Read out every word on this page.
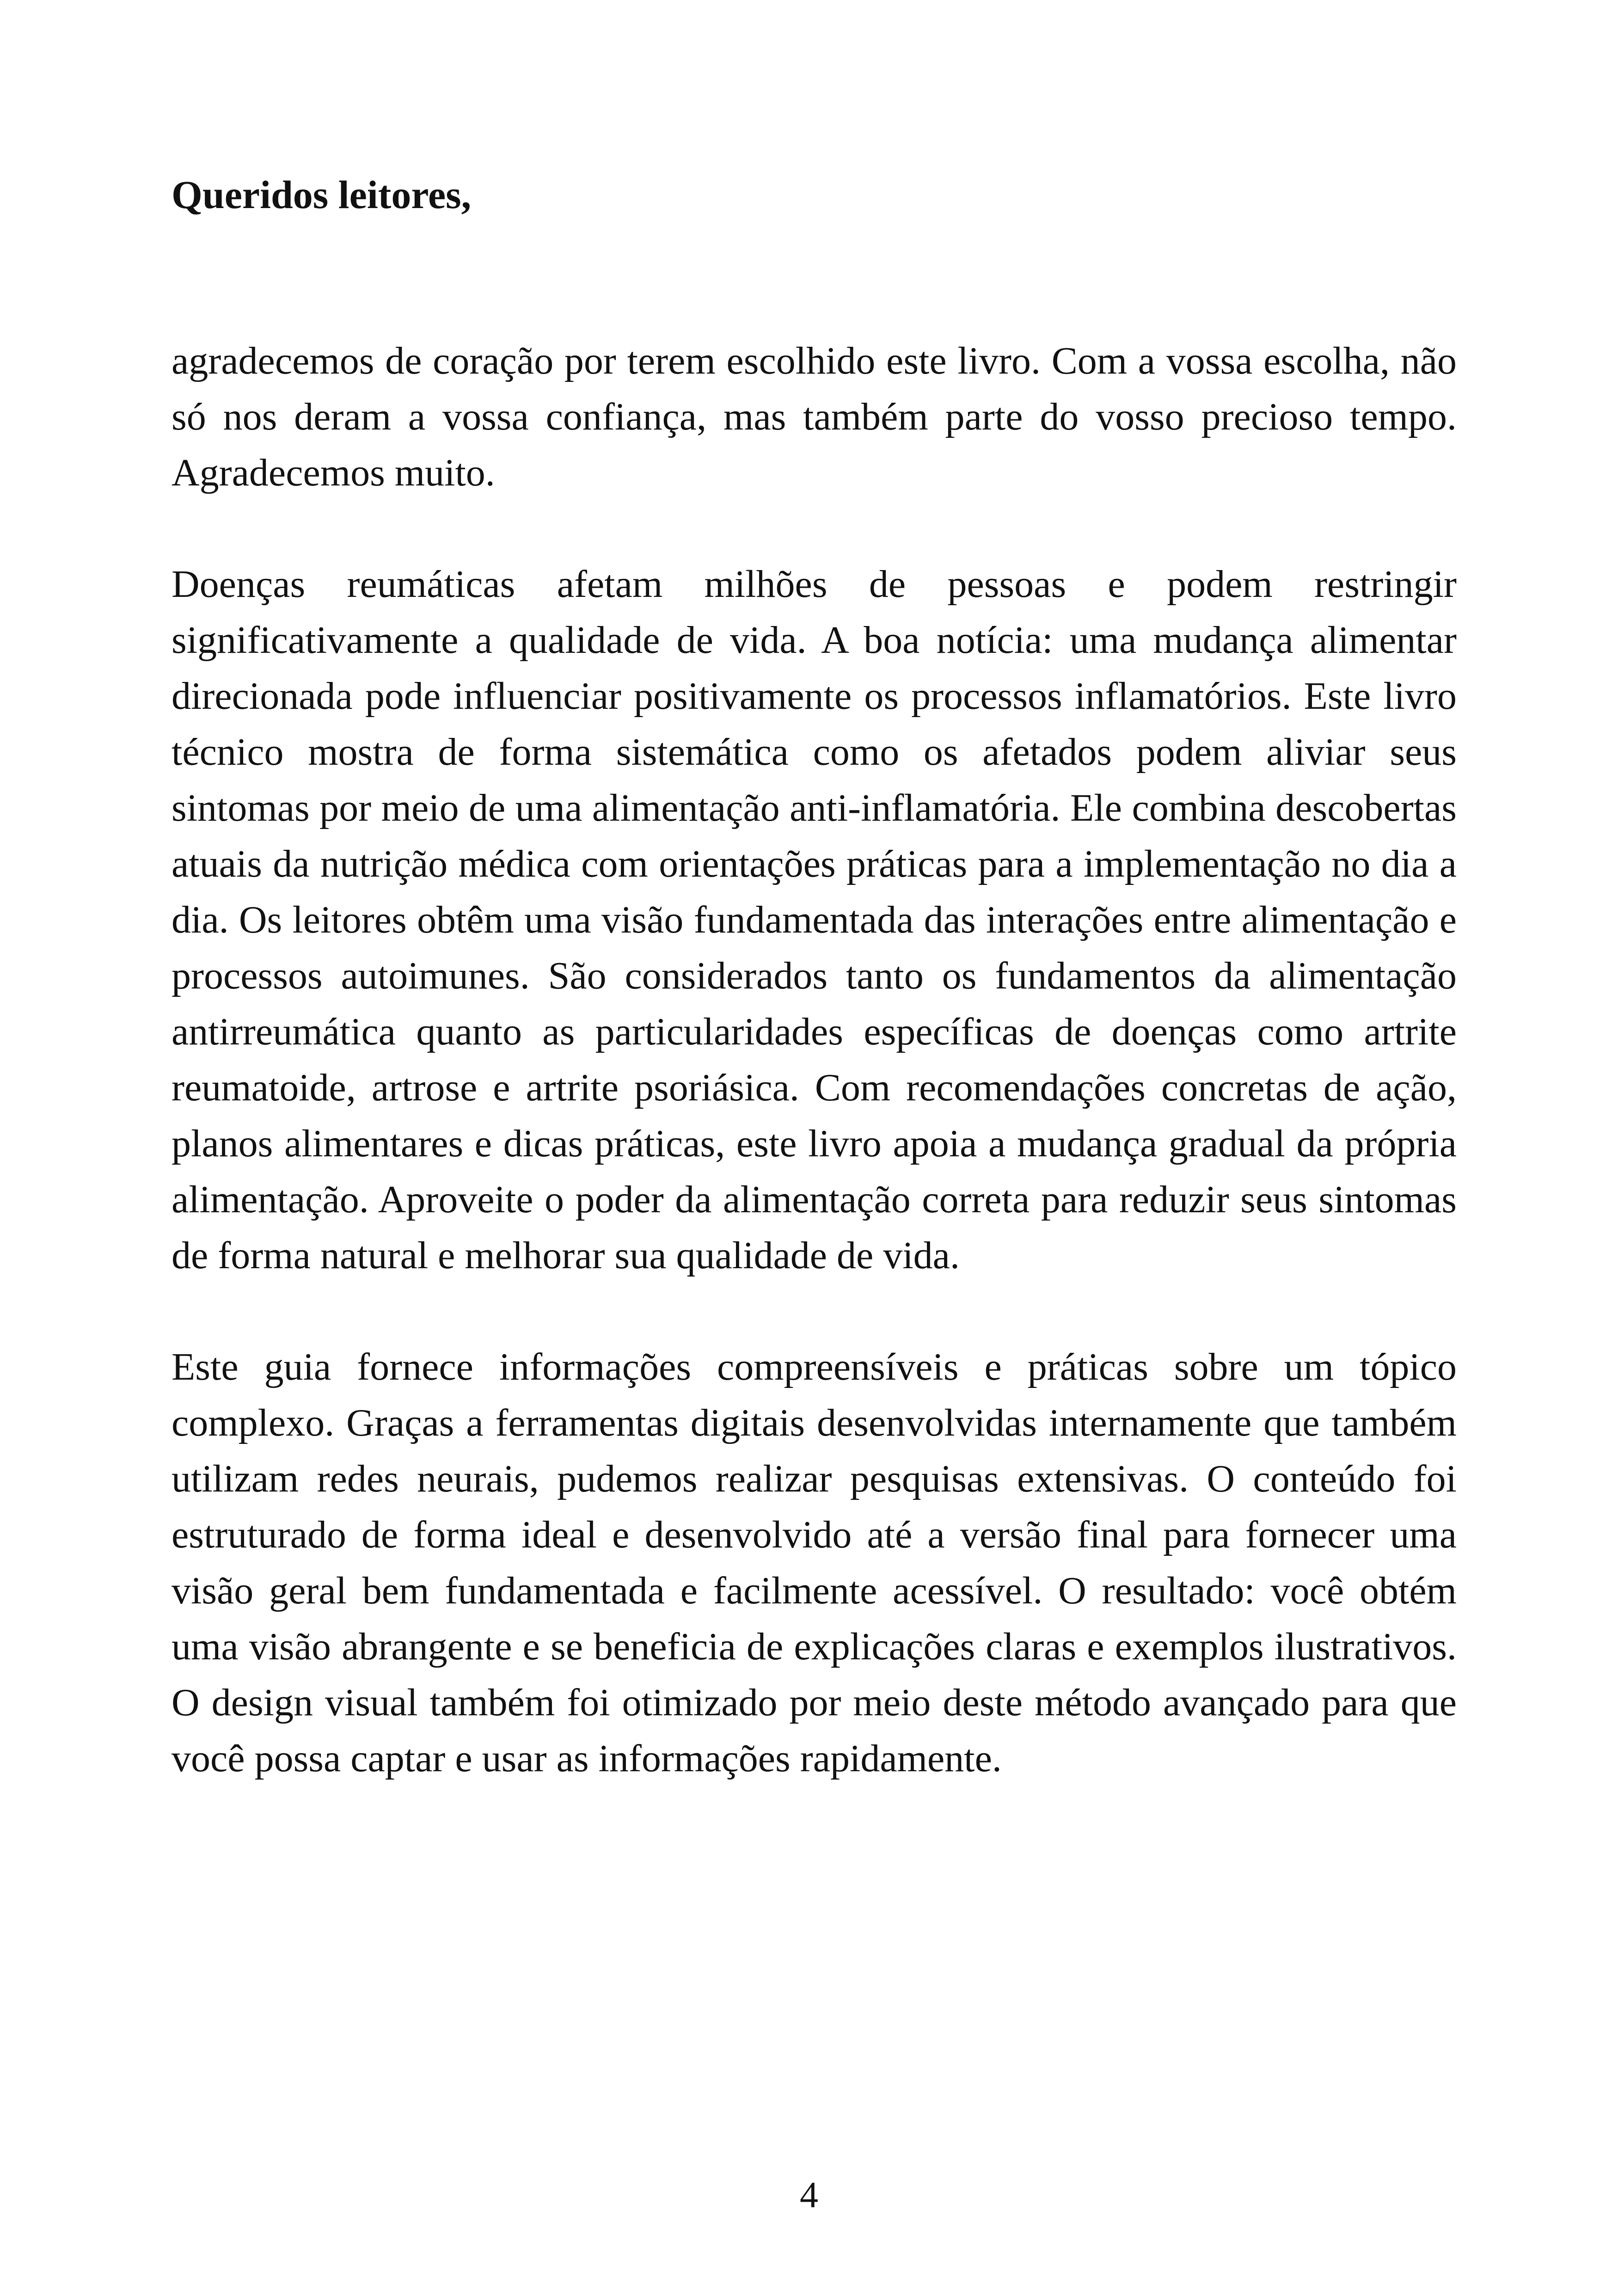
Queridos leitores,

agradecemos de coração por terem escolhido este livro. Com a vossa escolha, não só nos deram a vossa confiança, mas também parte do vosso precioso tempo. Agradecemos muito.

Doenças reumáticas afetam milhões de pessoas e podem restringir significativamente a qualidade de vida. A boa notícia: uma mudança alimentar direcionada pode influenciar positivamente os processos inflamatórios. Este livro técnico mostra de forma sistemática como os afetados podem aliviar seus sintomas por meio de uma alimentação anti-inflamatória. Ele combina descobertas atuais da nutrição médica com orientações práticas para a implementação no dia a dia. Os leitores obtêm uma visão fundamentada das interações entre alimentação e processos autoimunes. São considerados tanto os fundamentos da alimentação antirreumática quanto as particularidades específicas de doenças como artrite reumatoide, artrose e artrite psoriásica. Com recomendações concretas de ação, planos alimentares e dicas práticas, este livro apoia a mudança gradual da própria alimentação. Aproveite o poder da alimentação correta para reduzir seus sintomas de forma natural e melhorar sua qualidade de vida.

Este guia fornece informações compreensíveis e práticas sobre um tópico complexo. Graças a ferramentas digitais desenvolvidas internamente que também utilizam redes neurais, pudemos realizar pesquisas extensivas. O conteúdo foi estruturado de forma ideal e desenvolvido até a versão final para fornecer uma visão geral bem fundamentada e facilmente acessível. O resultado: você obtém uma visão abrangente e se beneficia de explicações claras e exemplos ilustrativos. O design visual também foi otimizado por meio deste método avançado para que você possa captar e usar as informações rapidamente.

4
